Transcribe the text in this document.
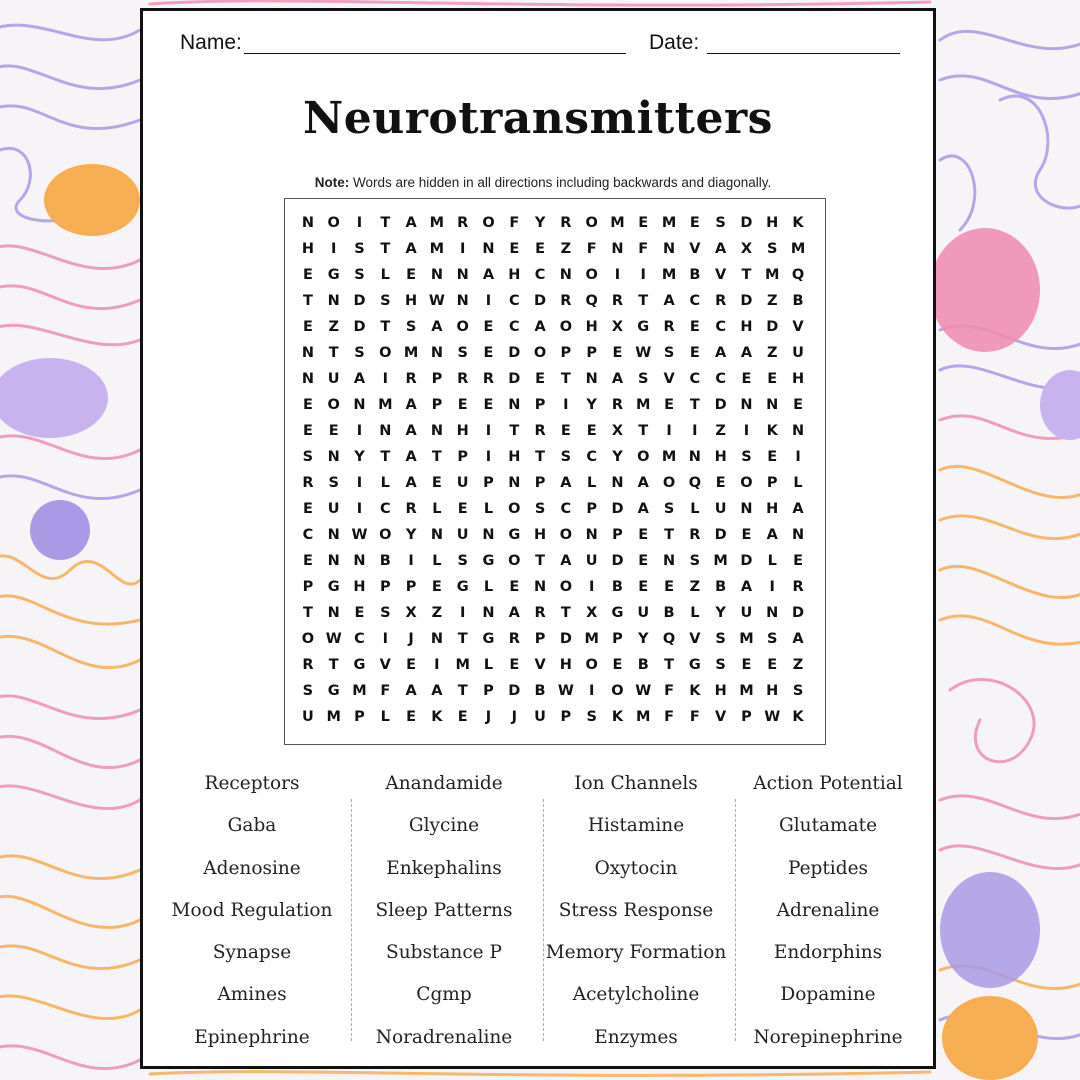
Name:	Date:
Neurotransmitters
Note: Words are hidden in all directions including backwards and diagonally.
N O	I	T	A M R O	F	Y	R O M E M E	S	D H K
H	I	S	T	A M	I	N	E	E	Z	F	N	F	N V	A	X	S M
E	G	S	L	E	N N A H C N O	I	I	M B	V	T M Q
T	N D	S	H W N	I	C D R Q R	T	A	C	R D	Z	B
E	Z	D	T	S	A O	E	C	A O H X G R	E	C H D V
N	T	S O M N	S	E	D O P	P	E W S	E	A	A	Z	U
N U A	I	R	P	R	R D	E	T	N A	S	V	C	C	E	E	H
E	O N M A	P	E	E	N P	I	Y	R M E	T	D N N	E
E	E	I	N A N H	I	T	R	E	E	X	T	I	I	Z	I	K N
S	N Y	T	A	T	P	I	H	T	S	C	Y O M N H	S	E	I
R	S	I	L	A	E	U	P N P	A	L	N A O Q	E	O P	L
E	U	I	C	R	L	E	L	O S	C	P D A	S	L	U N H A
C N W O Y N U N G H O N P	E	T	R D	E	A N
E	N N B	I	L	S	G O	T	A U D	E	N	S M D	L	E
P	G H P	P	E	G	L	E	N O	I	B	E	E	Z	B	A	I	R
T	N	E	S	X	Z	I	N A	R	T	X G U B	L	Y	U N D
O W C	I	J	N	T	G R	P D M P	Y Q V	S M S	A
R	T	G V	E	I	M L	E	V H O	E	B	T	G	S	E	E	Z
S	G M F	A	A	T	P D B W	I	O W F	K H M H	S
U M P	L	E	K	E	J	J	U	P	S	K M F	F	V	P W K
Receptors
Gaba
Adenosine
Mood Regulation
Synapse
Amines
Epinephrine
Anandamide
Glycine
Enkephalins
Sleep Patterns
Substance P
Cgmp
Noradrenaline
Ion Channels
Histamine
Oxytocin
Stress Response
Memory Formation
Acetylcholine
Enzymes
Action Potential
Glutamate
Peptides
Adrenaline
Endorphins
Dopamine
Norepinephrine
